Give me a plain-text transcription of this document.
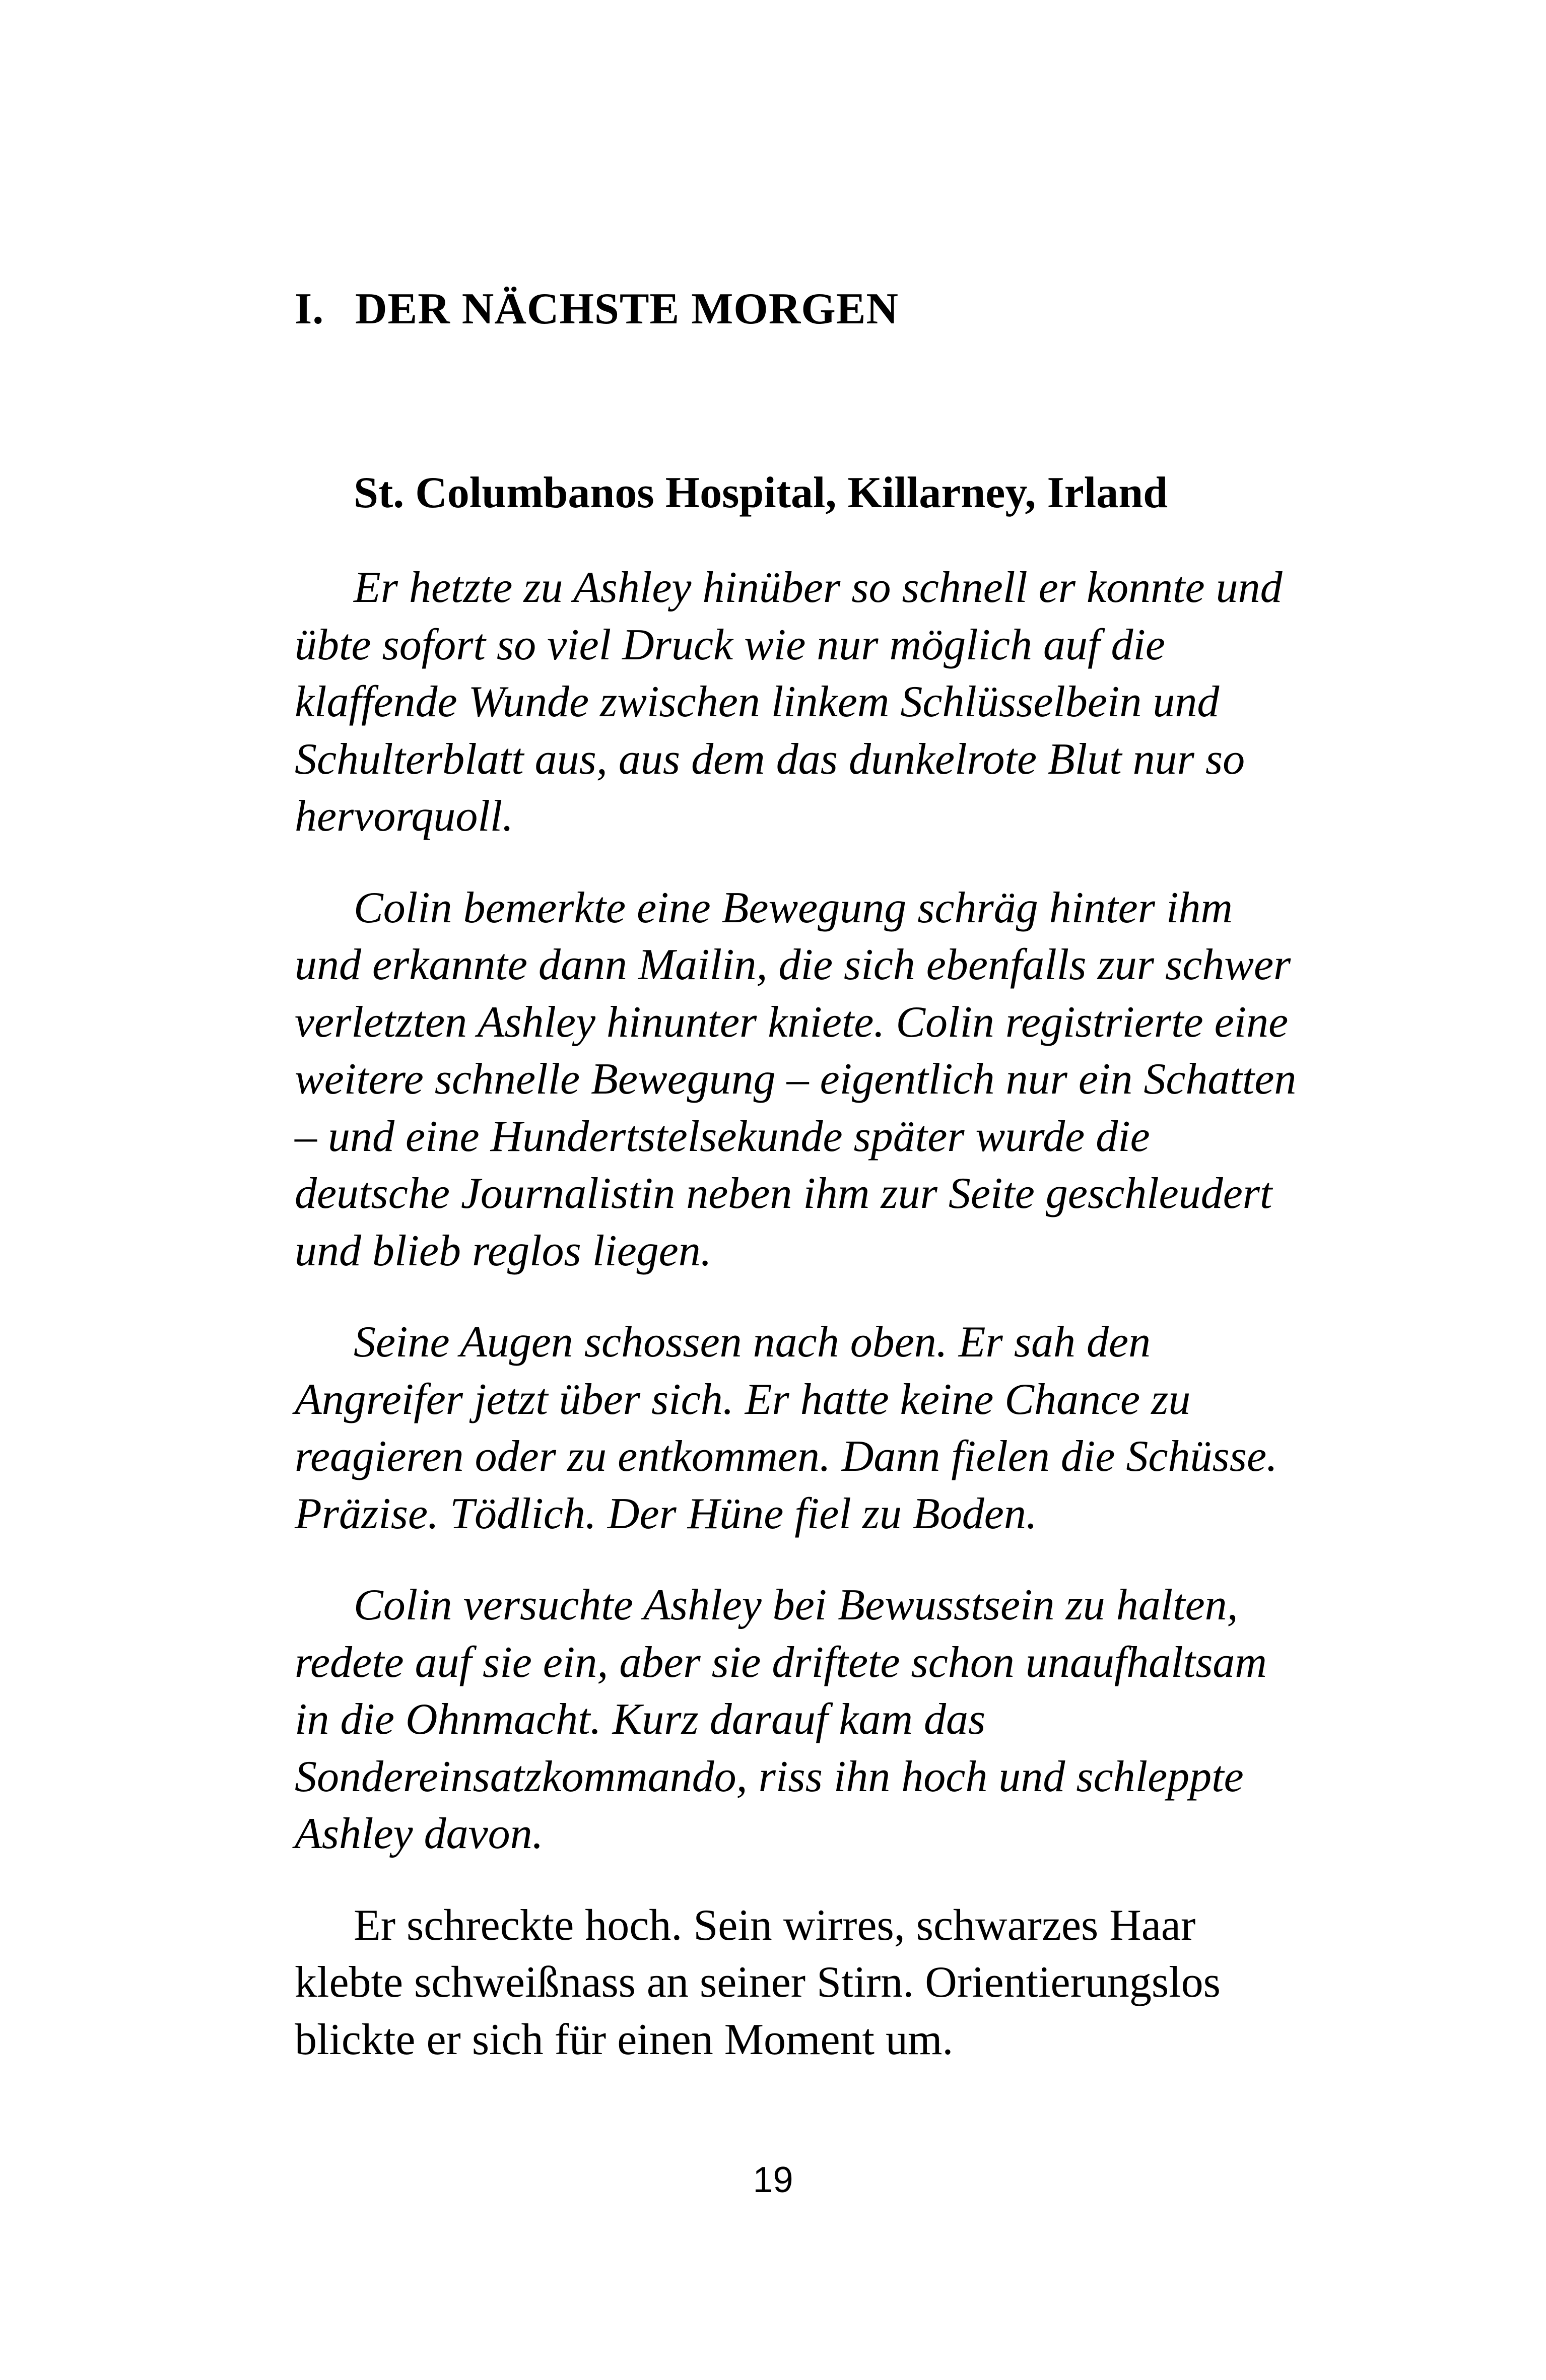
I. DER NÄCHSTE MORGEN
St. Columbanos Hospital, Killarney, Irland

Er hetzte zu Ashley hinüber so schnell er konnte und übte sofort so viel Druck wie nur möglich auf die klaffende Wunde zwischen linkem Schlüsselbein und Schulterblatt aus, aus dem das dunkelrote Blut nur so hervorquoll.

Colin bemerkte eine Bewegung schräg hinter ihm und erkannte dann Mailin, die sich ebenfalls zur schwer verletzten Ashley hinunter kniete. Colin registrierte eine weitere schnelle Bewegung – eigentlich nur ein Schatten – und eine Hundertstelsekunde später wurde die deutsche Journalistin neben ihm zur Seite geschleudert und blieb reglos liegen.

Seine Augen schossen nach oben. Er sah den Angreifer jetzt über sich. Er hatte keine Chance zu reagieren oder zu entkommen. Dann fielen die Schüsse. Präzise. Tödlich. Der Hüne fiel zu Boden.

Colin versuchte Ashley bei Bewusstsein zu halten, redete auf sie ein, aber sie driftete schon unaufhaltsam in die Ohnmacht. Kurz darauf kam das Sondereinsatzkommando, riss ihn hoch und schleppte Ashley davon.

Er schreckte hoch. Sein wirres, schwarzes Haar klebte schweißnass an seiner Stirn. Orientierungslos blickte er sich für einen Moment um.

19
